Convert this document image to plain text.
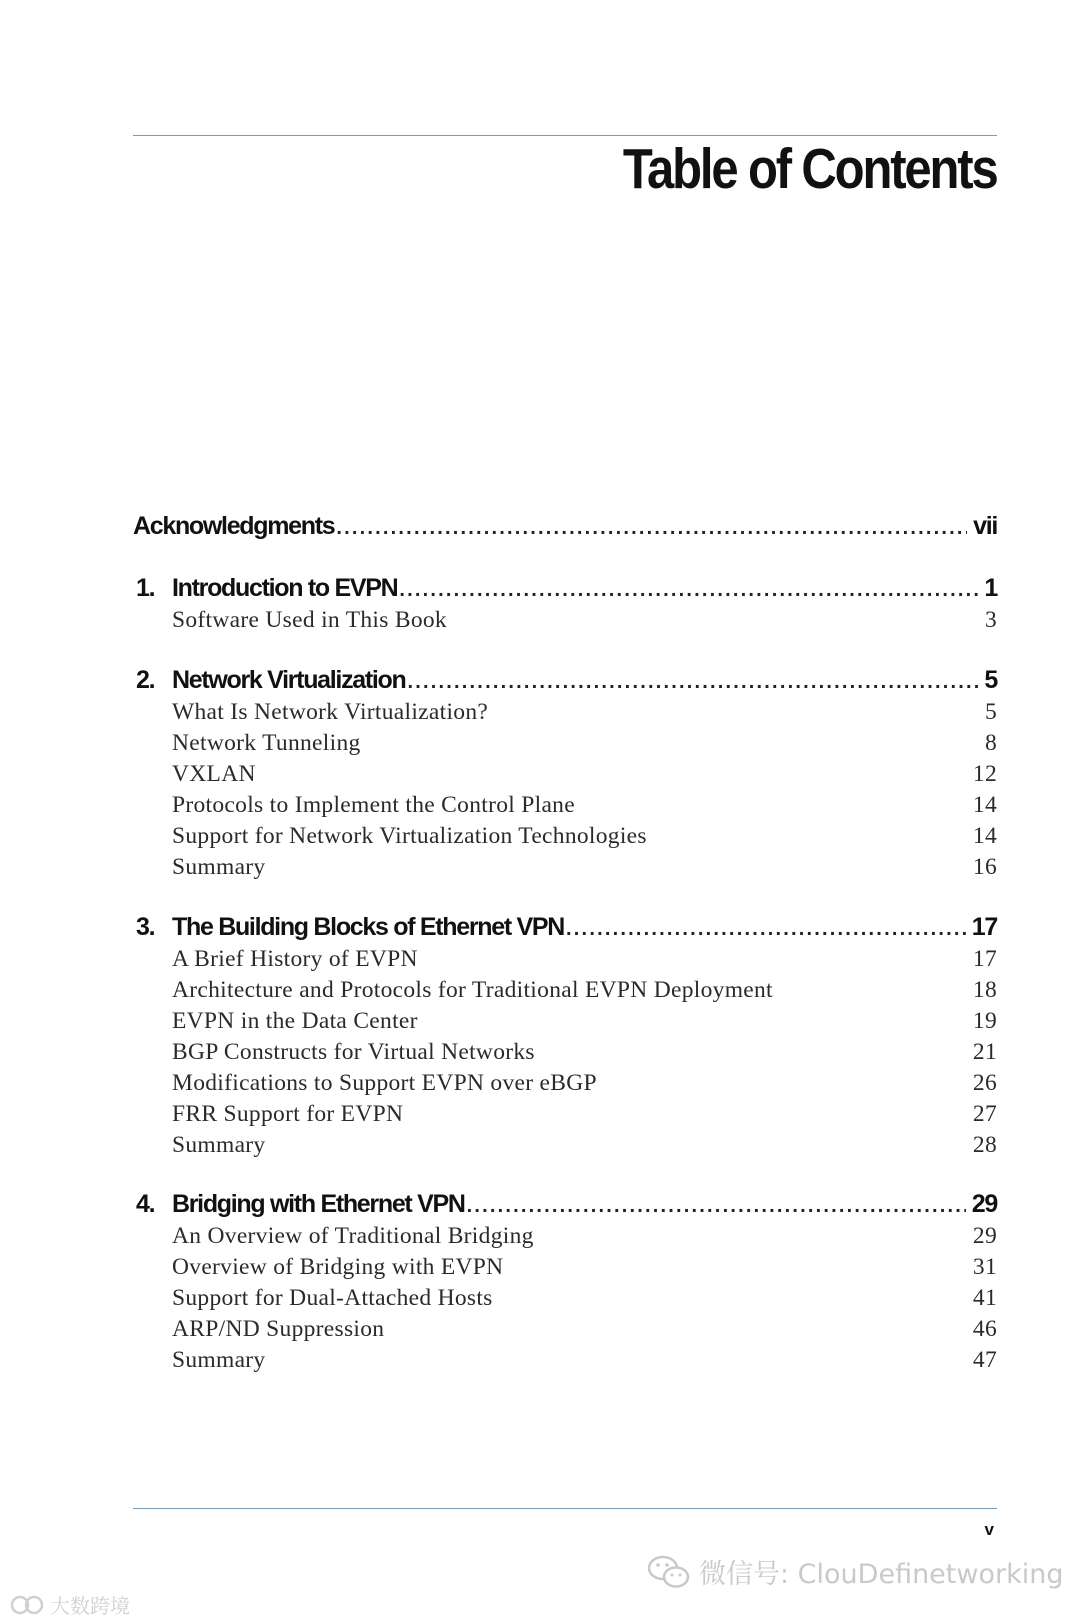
Table of Contents
Acknowledgments .....	vii
1. Introduction to EVPN .....	1
Software Used in This Book	3
2. Network Virtualization .....	5
What Is Network Virtualization?	5
Network Tunneling	8
VXLAN	12
Protocols to Implement the Control Plane	14
Support for Network Virtualization Technologies	14
Summary	16
3. The Building Blocks of Ethernet VPN .....	17
A Brief History of EVPN	17
Architecture and Protocols for Traditional EVPN Deployment	18
EVPN in the Data Center	19
BGP Constructs for Virtual Networks	21
Modifications to Support EVPN over eBGP	26
FRR Support for EVPN	27
Summary	28
4. Bridging with Ethernet VPN .....	29
An Overview of Traditional Bridging	29
Overview of Bridging with EVPN	31
Support for Dual-Attached Hosts	41
ARP/ND Suppression	46
Summary	47
v
微信号: ClouDefinetworking
大数跨境
